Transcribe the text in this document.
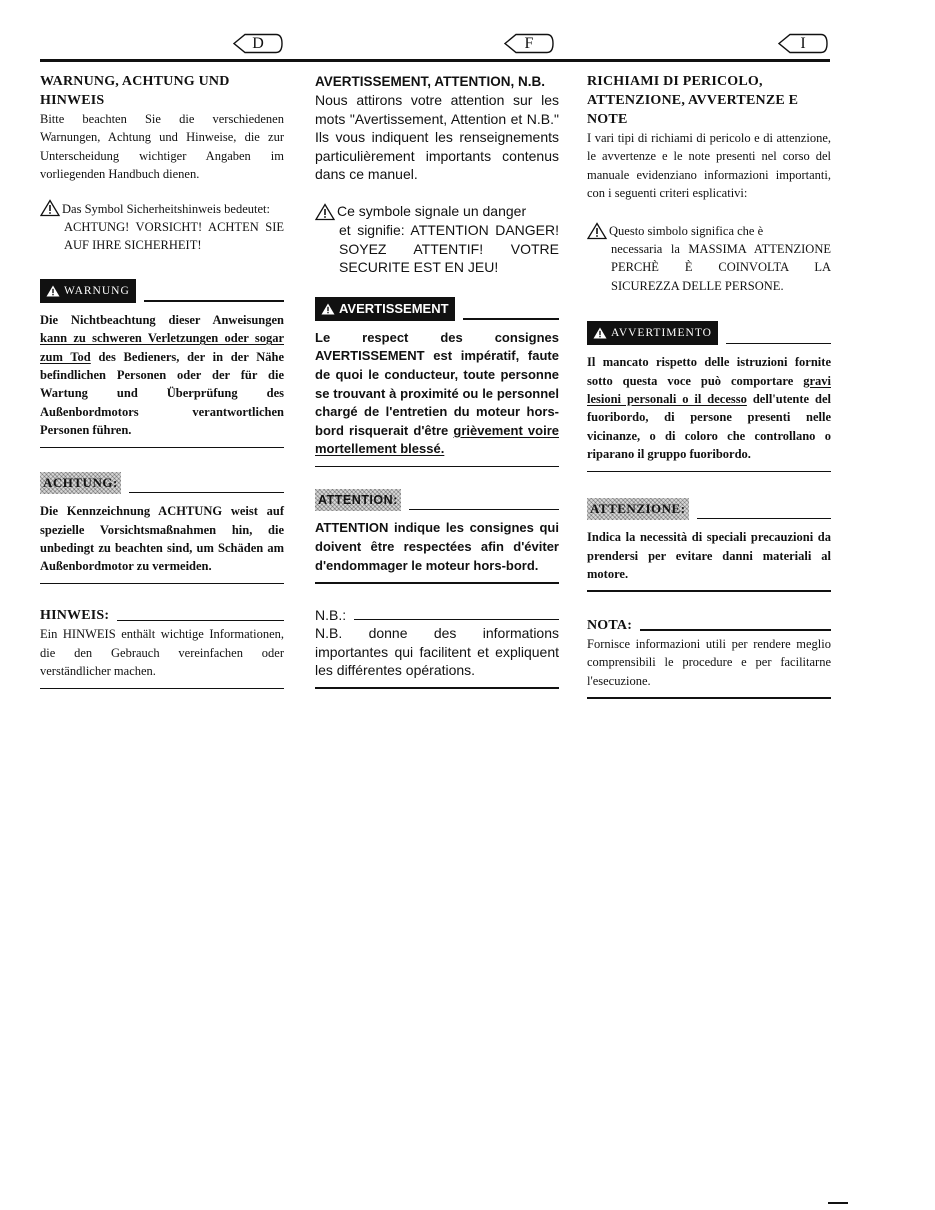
D	F	I

WARNUNG, ACHTUNG UND HINWEIS

Bitte beachten Sie die verschiedenen Warnungen, Achtung und Hinweise, die zur Unterscheidung wichtiger Angaben im vorliegenden Handbuch dienen.

Das Symbol Sicherheitshinweis bedeutet:

ACHTUNG! VORSICHT! ACHTEN SIE AUF IHRE SICHERHEIT!

WARNUNG

Die Nichtbeachtung dieser Anweisungen kann zu schweren Verletzungen oder sogar zum Tod des Bedieners, der in der Nähe befindlichen Personen oder der für die Wartung und Überprüfung des Außenbordmotors verantwortlichen Personen führen.

ACHTUNG:

Die Kennzeichnung ACHTUNG weist auf spezielle Vorsichtsmaßnahmen hin, die unbedingt zu beachten sind, um Schäden am Außenbordmotor zu vermeiden.

HINWEIS:

Ein HINWEIS enthält wichtige Informationen, die den Gebrauch vereinfachen oder verständlicher machen.

AVERTISSEMENT, ATTENTION, N.B.

Nous attirons votre attention sur les mots "Avertissement, Attention et N.B." Ils vous indiquent les renseignements particulièrement importants contenus dans ce manuel.

Ce symbole signale un danger

et signifie: ATTENTION DANGER! SOYEZ ATTENTIF! VOTRE SECURITE EST EN JEU!

AVERTISSEMENT

Le respect des consignes AVERTISSEMENT est impératif, faute de quoi le conducteur, toute personne se trouvant à proximité ou le personnel chargé de l'entretien du moteur hors-bord risquerait d'être grièvement voire mortellement blessé.

ATTENTION:

ATTENTION indique les consignes qui doivent être respectées afin d'éviter d'endommager le moteur hors-bord.

N.B.:

N.B. donne des informations importantes qui facilitent et expliquent les différentes opérations.

RICHIAMI DI PERICOLO, ATTENZIONE, AVVERTENZE E NOTE

I vari tipi di richiami di pericolo e di attenzione, le avvertenze e le note presenti nel corso del manuale evidenziano informazioni importanti, con i seguenti criteri esplicativi:

Questo simbolo significa che è

necessaria la MASSIMA ATTENZIONE PERCHÈ È COINVOLTA LA SICUREZZA DELLE PERSONE.

AVVERTIMENTO

Il mancato rispetto delle istruzioni fornite sotto questa voce può comportare gravi lesioni personali o il decesso dell'utente del fuoribordo, di persone presenti nelle vicinanze, o di coloro che controllano o riparano il gruppo fuoribordo.

ATTENZIONE:

Indica la necessità di speciali precauzioni da prendersi per evitare danni materiali al motore.

NOTA:

Fornisce informazioni utili per rendere meglio comprensibili le procedure e per facilitarne l'esecuzione.
